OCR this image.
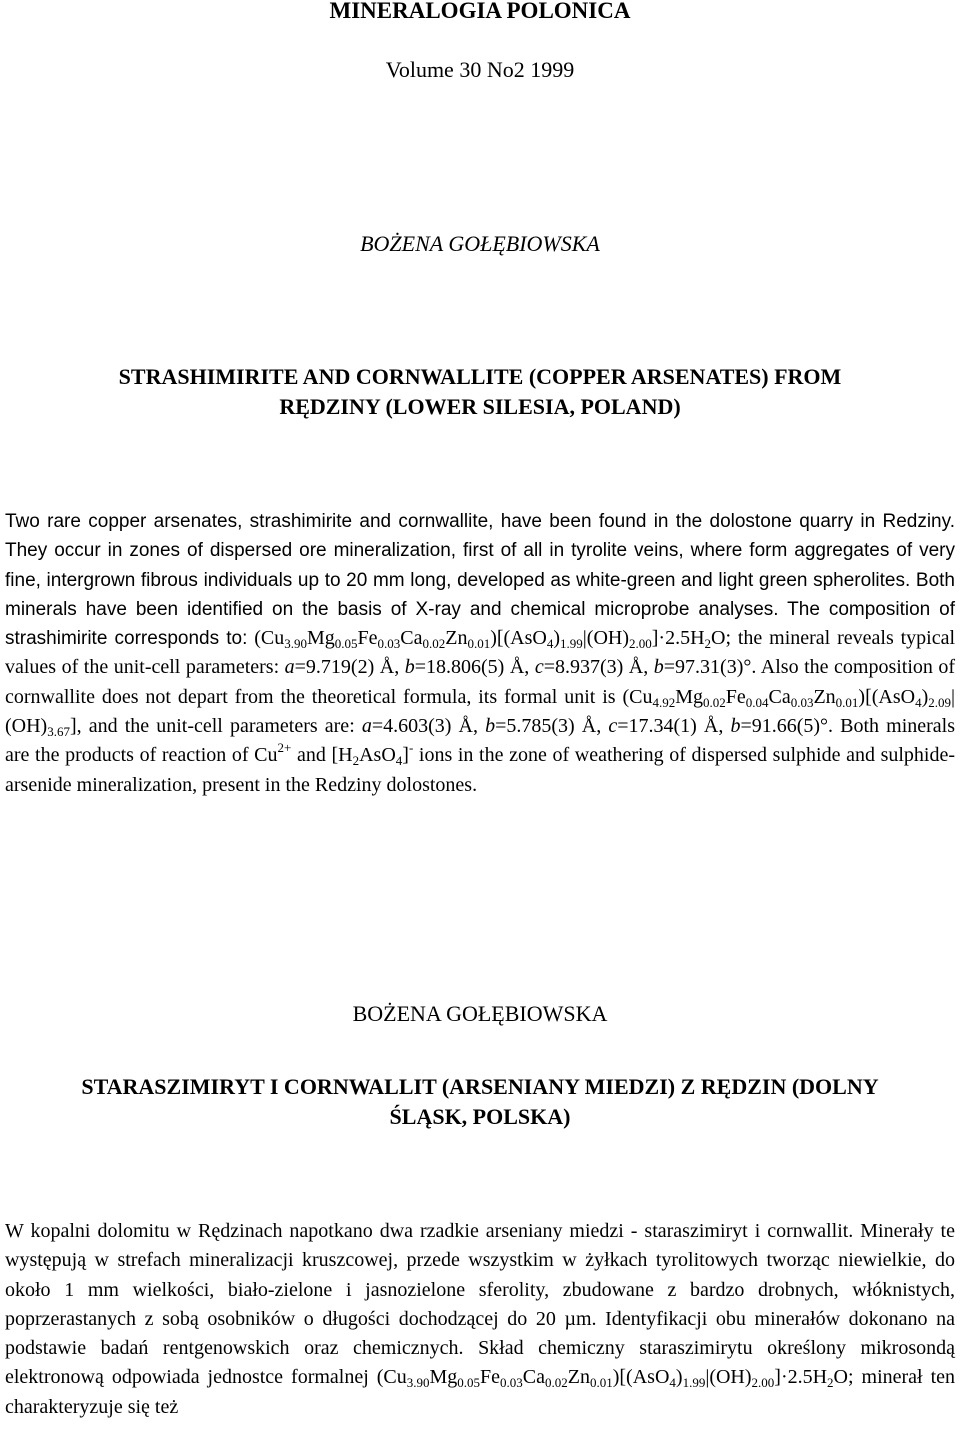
MINERALOGIA POLONICA
Volume 30 No2 1999
BOŻENA GOŁĘBIOWSKA
STRASHIMIRITE AND CORNWALLITE (COPPER ARSENATES) FROM
RĘDZINY (LOWER SILESIA, POLAND)
Two rare copper arsenates, strashimirite and cornwallite, have been found in the dolostone quarry in Redziny. They occur in zones of dispersed ore mineralization, first of all in tyrolite veins, where form aggregates of very fine, intergrown fibrous individuals up to 20 mm long, developed as white-green and light green spherolites. Both minerals have been identified on the basis of X-ray and chemical microprobe analyses. The composition of strashimirite corresponds to: $(Cu_{3.90}Mg_{0.05}Fe_{0.03}Ca_{0.02}Zn_{0.01})[(AsO_4)_{1.99}|(OH)_{2.00}]\cdot 2.5H_2O$; the mineral reveals typical values of the unit-cell parameters: a=9.719(2) Å, b=18.806(5) Å, c=8.937(3) Å, b=97.31(3)°. Also the composition of cornwallite does not depart from the theoretical formula, its formal unit is $(Cu_{4.92}Mg_{0.02}Fe_{0.04}Ca_{0.03}Zn_{0.01})[(AsO_4)_{2.09}|(OH)_{3.67}]$, and the unit-cell parameters are: a=4.603(3) Å, b=5.785(3) Å, c=17.34(1) Å, b=91.66(5)°. Both minerals are the products of reaction of $Cu^{2+}$ and $[H_2AsO_4]^-$ ions in the zone of weathering of dispersed sulphide and sulphide-arsenide mineralization, present in the Redziny dolostones.
BOŻENA GOŁĘBIOWSKA
STARASZIMIRYT I CORNWALLIT (ARSENIANY MIEDZI) Z RĘDZIN (DOLNY
ŚLĄSK, POLSKA)
W kopalni dolomitu w Rędzinach napotkano dwa rzadkie arseniany miedzi - staraszimiryt i cornwallit. Minerały te występują w strefach mineralizacji kruszcowej, przede wszystkim w żyłkach tyrolitowych tworząc niewielkie, do około 1 mm wielkości, biało-zielone i jasnozielone sferolity, zbudowane z bardzo drobnych, włóknistych, poprzerastanych z sobą osobników o długości dochodzącej do 20 µm. Identyfikacji obu minerałów dokonano na podstawie badań rentgenowskich oraz chemicznych. Skład chemiczny staraszimirytu określony mikrosondą elektronową odpowiada jednostce formalnej $(Cu_{3.90}Mg_{0.05}Fe_{0.03}Ca_{0.02}Zn_{0.01})[(AsO_4)_{1.99}|(OH)_{2.00}]\cdot 2.5H_2O$; minerał ten charakteryzuje się też
